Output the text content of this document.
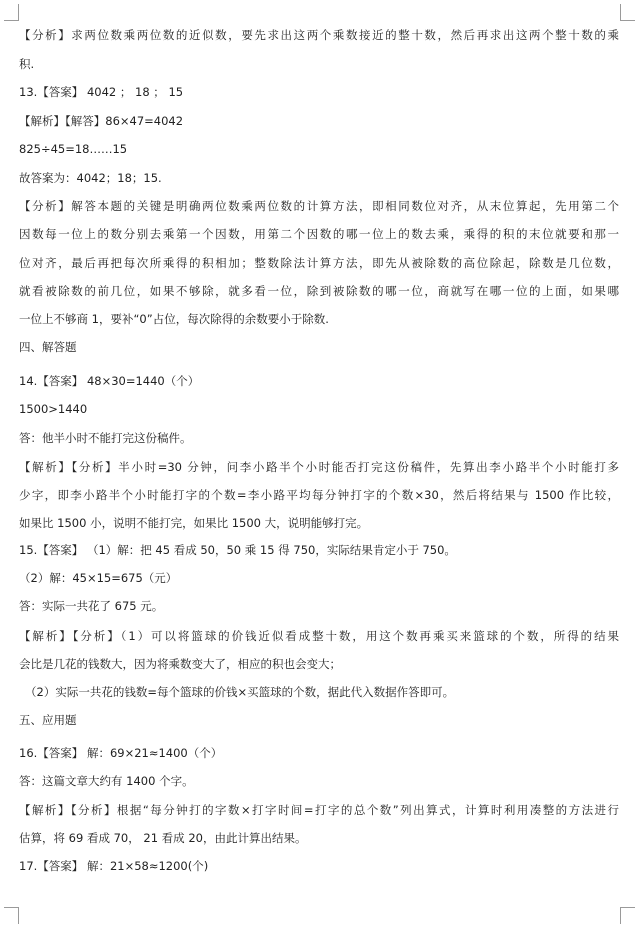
【分析】求两位数乘两位数的近似数，要先求出这两个乘数接近的整十数，然后再求出这两个整十数的乘
积.
13.【答案】 4042 ； 18 ； 15
【解析】【解答】86×47=4042
825÷45=18……15
故答案为：4042；18；15.
【分析】解答本题的关键是明确两位数乘两位数的计算方法，即相同数位对齐，从末位算起，先用第二个
因数每一位上的数分别去乘第一个因数，用第二个因数的哪一位上的数去乘，乘得的积的末位就要和那一
位对齐，最后再把每次所乘得的积相加；整数除法计算方法，即先从被除数的高位除起，除数是几位数，
就看被除数的前几位，如果不够除，就多看一位，除到被除数的哪一位，商就写在哪一位的上面，如果哪
一位上不够商 1，要补“0”占位，每次除得的余数要小于除数.
四、解答题
14.【答案】 48×30=1440（个）
1500>1440
答：他半小时不能打完这份稿件。
【解析】【分析】半小时=30 分钟，问李小路半个小时能否打完这份稿件，先算出李小路半个小时能打多
少字，即李小路半个小时能打字的个数=李小路平均每分钟打字的个数×30，然后将结果与 1500 作比较，
如果比 1500 小，说明不能打完，如果比 1500 大，说明能够打完。
15.【答案】 （1）解：把 45 看成 50，50 乘 15 得 750，实际结果肯定小于 750。
（2）解：45×15=675（元）
答：实际一共花了 675 元。
【解析】【分析】（1）可以将篮球的价钱近似看成整十数，用这个数再乘买来篮球的个数，所得的结果
会比是几花的钱数大，因为将乘数变大了，相应的积也会变大；
（2）实际一共花的钱数=每个篮球的价钱×买篮球的个数，据此代入数据作答即可。
五、应用题
16.【答案】 解：69×21≈1400（个）
答：这篇文章大约有 1400 个字。
【解析】【分析】根据“每分钟打的字数×打字时间=打字的总个数”列出算式，计算时利用凑整的方法进行
估算，将 69 看成 70， 21 看成 20，由此计算出结果。
17.【答案】 解：21×58≈1200(个)
